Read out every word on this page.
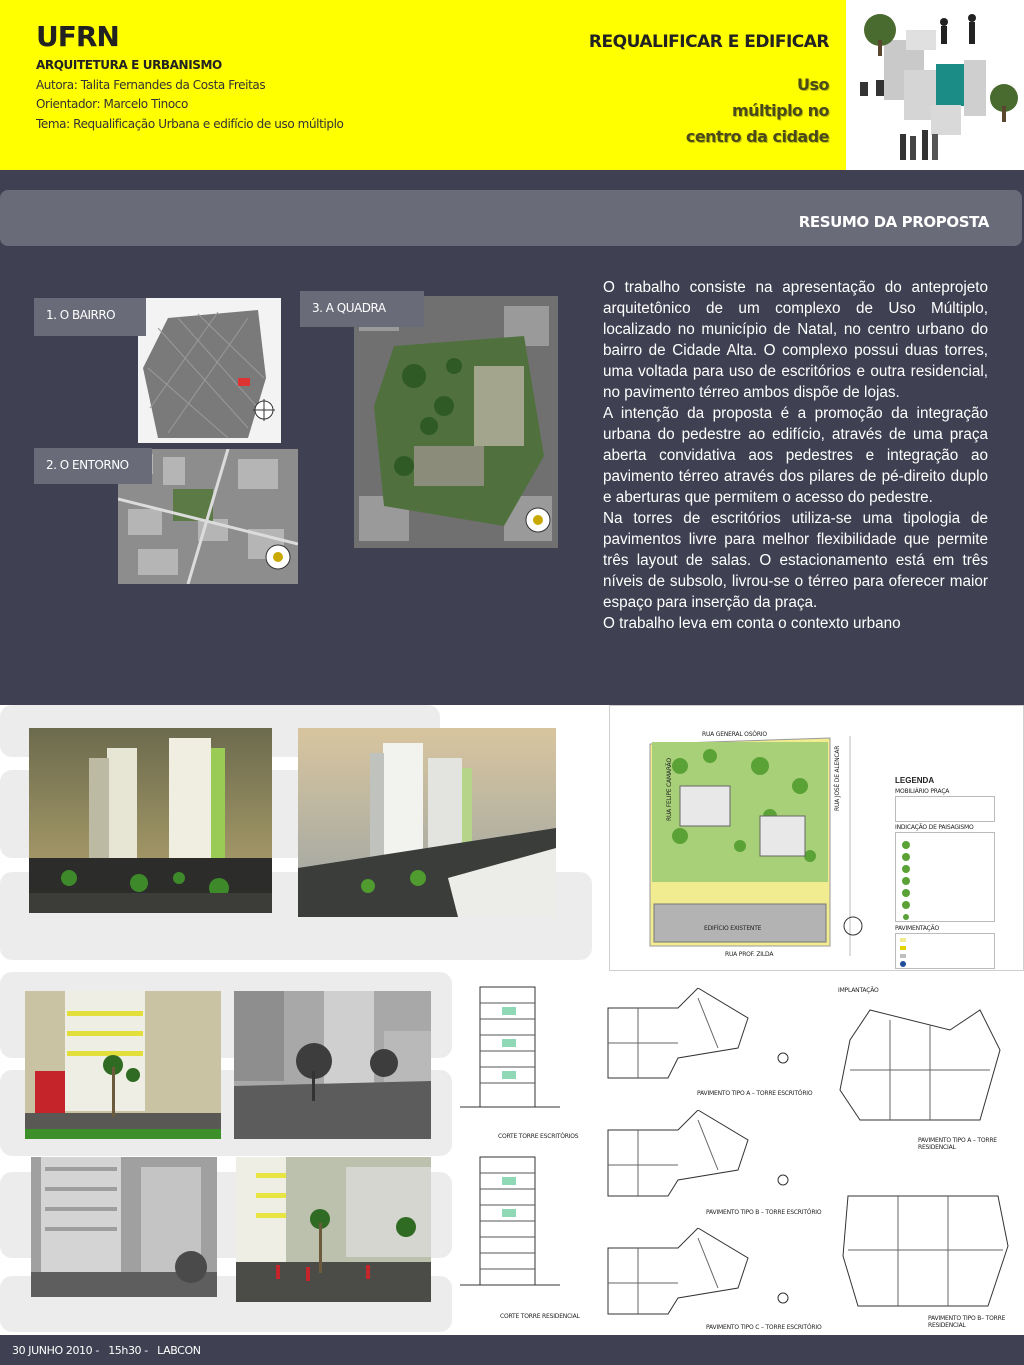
UFRN
ARQUITETURA E URBANISMO
Autora: Talita Fernandes da Costa Freitas
Orientador: Marcelo Tinoco
Tema: Requalificação Urbana e edifício de uso múltiplo
REQUALIFICAR E EDIFICAR
Uso
múltiplo no
centro da cidade
RESUMO DA PROPOSTA
1. O BAIRRO
2. O ENTORNO
3. A QUADRA

O trabalho consiste na apresentação do anteprojeto arquitetônico de um complexo de Uso Múltiplo, localizado no município de Natal, no centro urbano do bairro de Cidade Alta. O complexo possui duas torres, uma voltada para uso de escritórios e outra residencial, no pavimento térreo ambos dispõe de lojas.

A intenção da proposta é a promoção da integração urbana do pedestre ao edifício, através de uma praça aberta convidativa aos pedestres e integração ao pavimento térreo através dos pilares de pé-direito duplo e aberturas que permitem o acesso do pedestre.

Na torres de escritórios utiliza-se uma tipologia de pavimentos livre para melhor flexibilidade que permite três layout de salas. O estacionamento está em três níveis de subsolo, livrou-se o térreo para oferecer maior espaço para inserção da praça.

O trabalho leva em conta o contexto urbano

RUA GENERAL OSÓRIO
RUA FELIPE CAMARÃO	RUA JOSÉ DE ALENCAR
EDIFÍCIO EXISTENTE
RUA PROF. ZILDA
LEGENDA
MOBILIÁRIO PRAÇA
INDICAÇÃO DE PAISAGISMO
PAVIMENTAÇÃO
IMPLANTAÇÃO
CORTE TORRE ESCRITÓRIOS
CORTE TORRE RESIDENCIAL
PAVIMENTO TIPO A – TORRE ESCRITÓRIO
PAVIMENTO TIPO B – TORRE ESCRITÓRIO
PAVIMENTO TIPO C – TORRE ESCRITÓRIO
PAVIMENTO TIPO A – TORRE RESIDENCIAL
PAVIMENTO TIPO B– TORRE RESIDENCIAL
30 JUNHO 2010 -   15h30 -   LABCON
